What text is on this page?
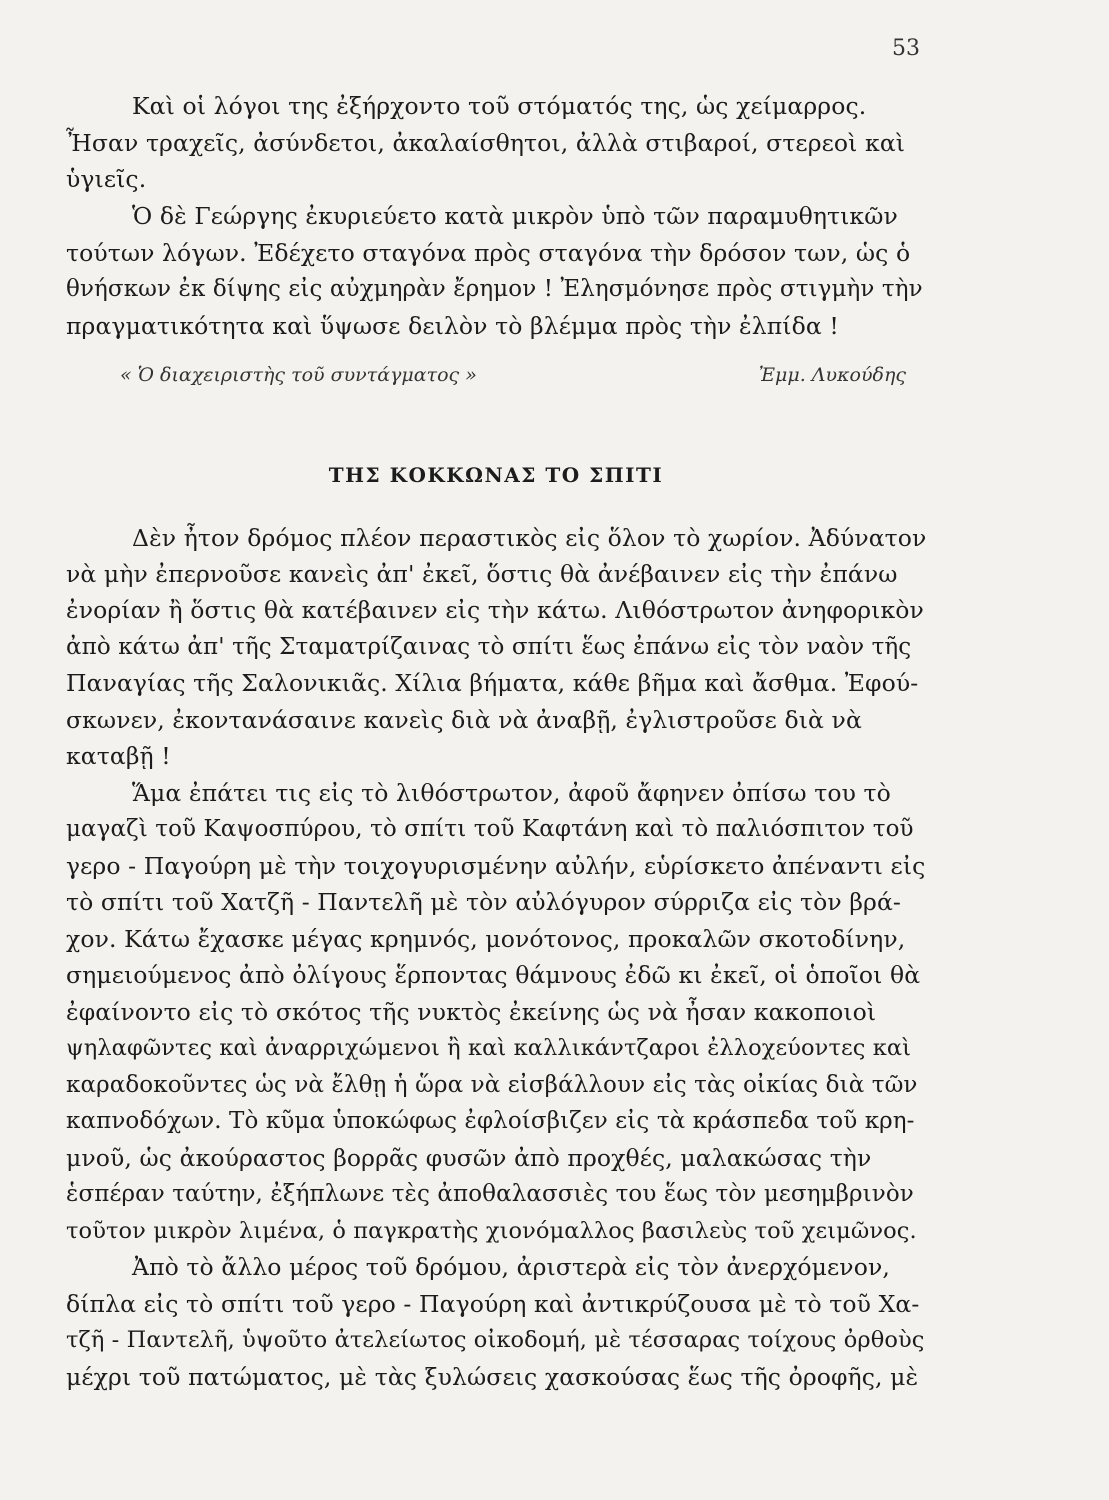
53
Καὶ οἱ λόγοι της ἐξήρχοντο τοῦ στόματός της, ὡς χείμαρρος.
Ἦσαν τραχεῖς, ἀσύνδετοι, ἀκαλαίσθητοι, ἀλλὰ στιβαροί, στερεοὶ καὶ
ὑγιεῖς.
Ὁ δὲ Γεώργης ἐκυριεύετο κατὰ μικρὸν ὑπὸ τῶν παραμυθητικῶν
τούτων λόγων. Ἐδέχετο σταγόνα πρὸς σταγόνα τὴν δρόσον των, ὡς ὁ
θνήσκων ἐκ δίψης εἰς αὐχμηρὰν ἔρημον ! Ἐλησμόνησε πρὸς στιγμὴν τὴν
πραγματικότητα καὶ ὕψωσε δειλὸν τὸ βλέμμα πρὸς τὴν ἐλπίδα !
« Ὁ διαχειριστὴς τοῦ συντάγματος »	Ἐμμ. Λυκούδης
ΤΗΣ ΚΟΚΚΩΝΑΣ ΤΟ ΣΠΙΤΙ
Δὲν ἦτον δρόμος πλέον περαστικὸς εἰς ὅλον τὸ χωρίον. Ἀδύνατον
νὰ μὴν ἐπερνοῦσε κανεὶς ἀπ' ἐκεῖ, ὅστις θὰ ἀνέβαινεν εἰς τὴν ἐπάνω
ἐνορίαν ἢ ὅστις θὰ κατέβαινεν εἰς τὴν κάτω. Λιθόστρωτον ἀνηφορικὸν
ἀπὸ κάτω ἀπ' τῆς Σταματρίζαινας τὸ σπίτι ἕως ἐπάνω εἰς τὸν ναὸν τῆς
Παναγίας τῆς Σαλονικιᾶς. Χίλια βήματα, κάθε βῆμα καὶ ἄσθμα. Ἐφού-
σκωνεν, ἐκοντανάσαινε κανεὶς διὰ νὰ ἀναβῇ, ἐγλιστροῦσε διὰ νὰ
καταβῇ !
Ἅμα ἐπάτει τις εἰς τὸ λιθόστρωτον, ἀφοῦ ἄφηνεν ὀπίσω του τὸ
μαγαζὶ τοῦ Καψοσπύρου, τὸ σπίτι τοῦ Καφτάνη καὶ τὸ παλιόσπιτον τοῦ
γερο - Παγούρη μὲ τὴν τοιχογυρισμένην αὐλήν, εὑρίσκετο ἀπέναντι εἰς
τὸ σπίτι τοῦ Χατζῆ - Παντελῆ μὲ τὸν αὐλόγυρον σύρριζα εἰς τὸν βρά-
χον. Κάτω ἔχασκε μέγας κρημνός, μονότονος, προκαλῶν σκοτοδίνην,
σημειούμενος ἀπὸ ὀλίγους ἕρποντας θάμνους ἐδῶ κι ἐκεῖ, οἱ ὁποῖοι θὰ
ἐφαίνοντο εἰς τὸ σκότος τῆς νυκτὸς ἐκείνης ὡς νὰ ἦσαν κακοποιοὶ
ψηλαφῶντες καὶ ἀναρριχώμενοι ἢ καὶ καλλικάντζαροι ἐλλοχεύοντες καὶ
καραδοκοῦντες ὡς νὰ ἔλθῃ ἡ ὥρα νὰ εἰσβάλλουν εἰς τὰς οἰκίας διὰ τῶν
καπνοδόχων. Τὸ κῦμα ὑποκώφως ἐφλοίσβιζεν εἰς τὰ κράσπεδα τοῦ κρη-
μνοῦ, ὡς ἀκούραστος βορρᾶς φυσῶν ἀπὸ προχθές, μαλακώσας τὴν
ἑσπέραν ταύτην, ἐξήπλωνε τὲς ἀποθαλασσιὲς του ἕως τὸν μεσημβρινὸν
τοῦτον μικρὸν λιμένα, ὁ παγκρατὴς χιονόμαλλος βασιλεὺς τοῦ χειμῶνος.
Ἀπὸ τὸ ἄλλο μέρος τοῦ δρόμου, ἀριστερὰ εἰς τὸν ἀνερχόμενον,
δίπλα εἰς τὸ σπίτι τοῦ γερο - Παγούρη καὶ ἀντικρύζουσα μὲ τὸ τοῦ Χα-
τζῆ - Παντελῆ, ὑψοῦτο ἀτελείωτος οἰκοδομή, μὲ τέσσαρας τοίχους ὀρθοὺς
μέχρι τοῦ πατώματος, μὲ τὰς ξυλώσεις χασκούσας ἕως τῆς ὀροφῆς, μὲ
